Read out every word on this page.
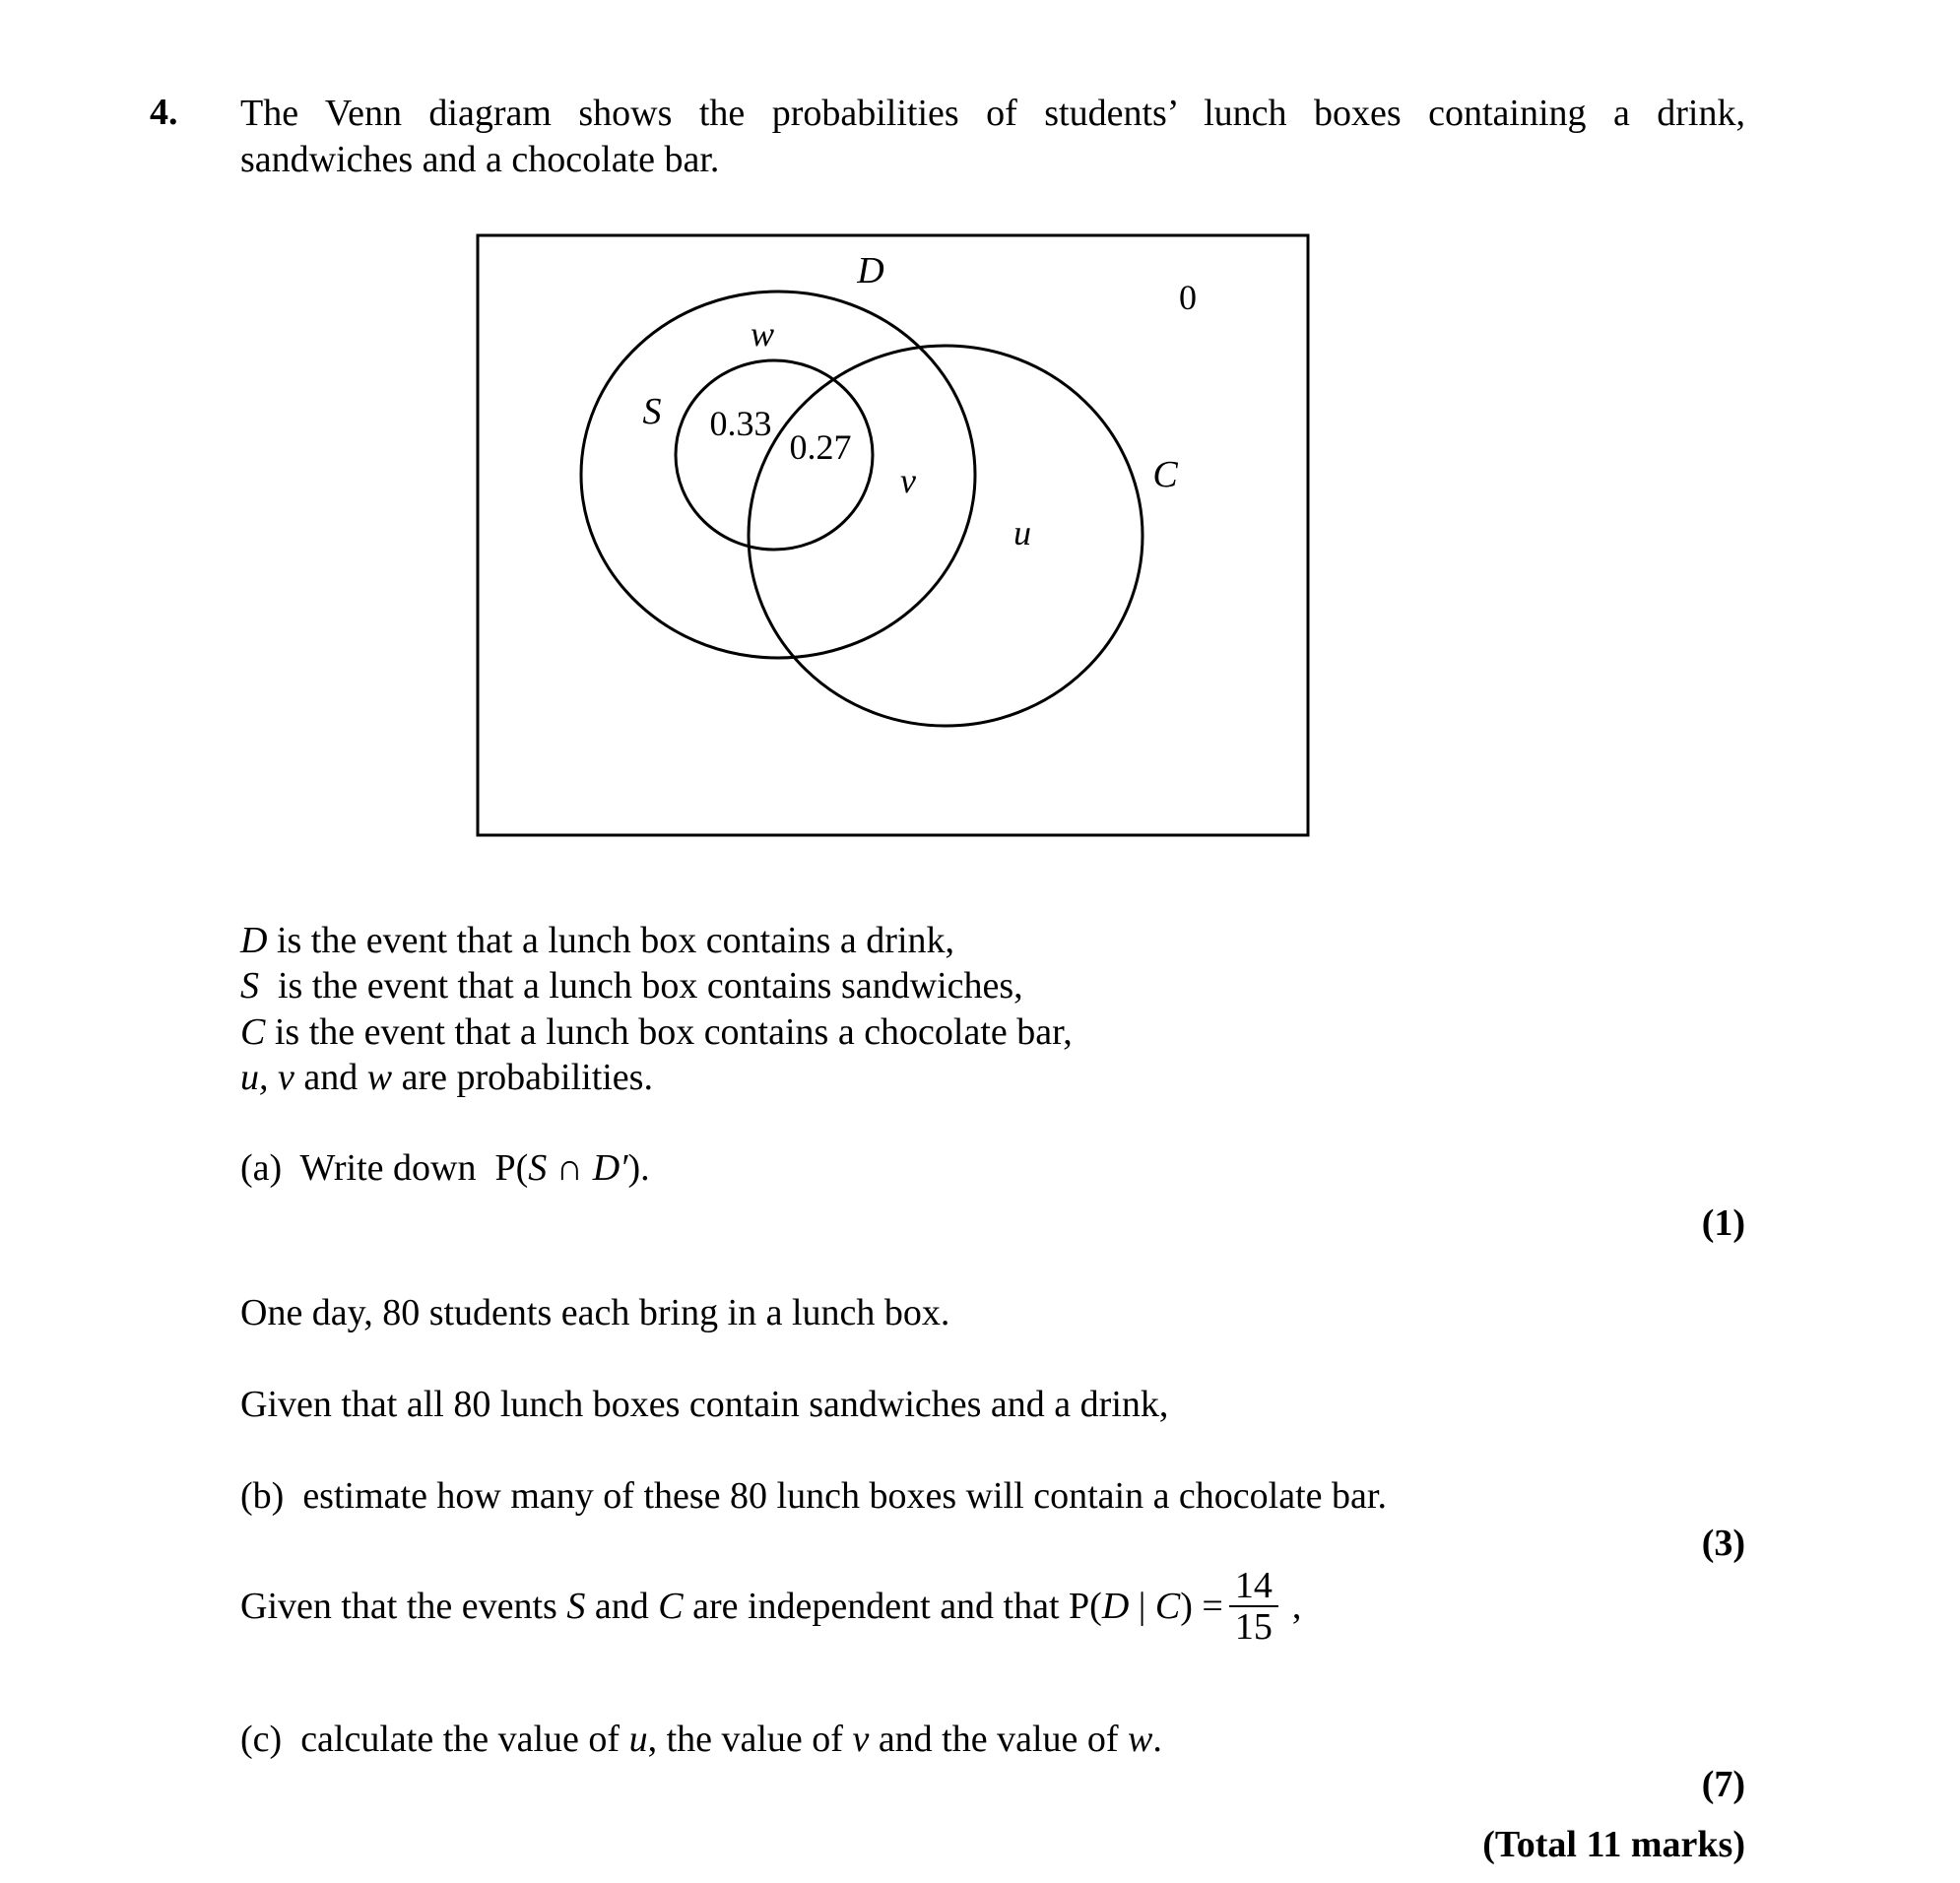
4. The Venn diagram shows the probabilities of students’ lunch boxes containing a drink,
sandwiches and a chocolate bar.
D
0
w
S 0.33
0.27
v	C
u
D is the event that a lunch box contains a drink,
S  is the event that a lunch box contains sandwiches,
C is the event that a lunch box contains a chocolate bar,
u, v and w are probabilities.
(a) Write down P(S ∩ D′).
(1)
One day, 80 students each bring in a lunch box.
Given that all 80 lunch boxes contain sandwiches and a drink,
(b) estimate how many of these 80 lunch boxes will contain a chocolate bar.
(3)
Given that the events S and C are independent and that P( D | C ) = $\frac{14}{15}$ ,
(c) calculate the value of u, the value of v and the value of w.
(7)
(Total 11 marks)
